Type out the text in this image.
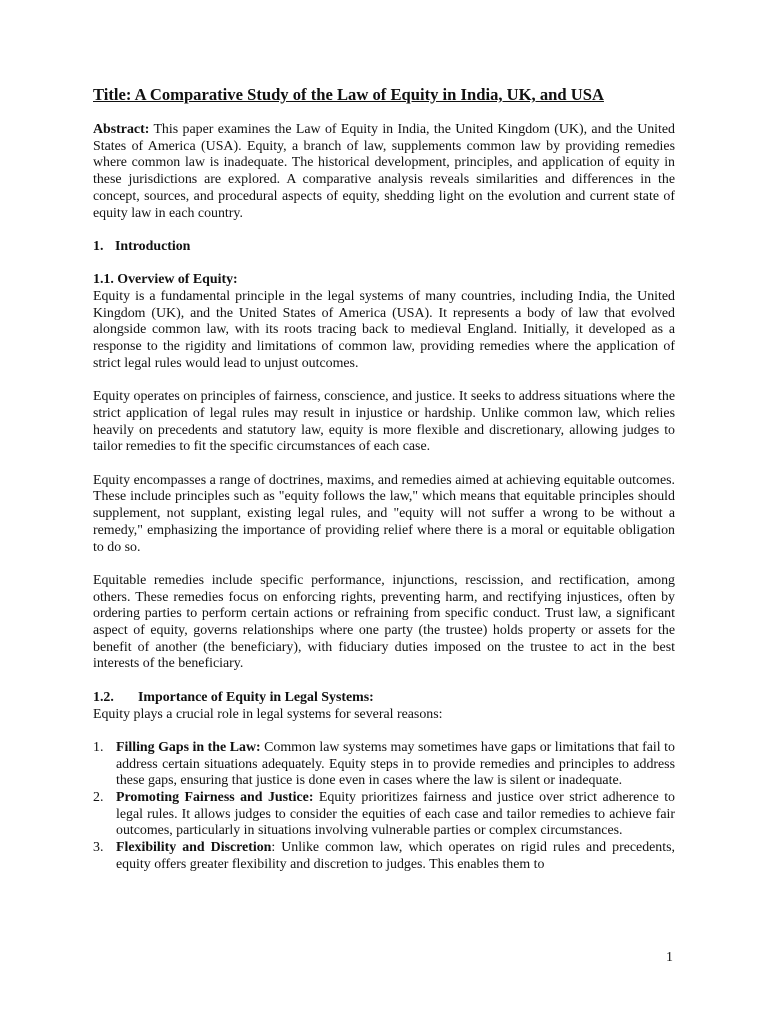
Title: A Comparative Study of the Law of Equity in India, UK, and USA

Abstract: This paper examines the Law of Equity in India, the United Kingdom (UK), and the United States of America (USA). Equity, a branch of law, supplements common law by providing remedies where common law is inadequate. The historical development, principles, and application of equity in these jurisdictions are explored. A comparative analysis reveals similarities and differences in the concept, sources, and procedural aspects of equity, shedding light on the evolution and current state of equity law in each country.

1. Introduction
1.1. Overview of Equity:

Equity is a fundamental principle in the legal systems of many countries, including India, the United Kingdom (UK), and the United States of America (USA). It represents a body of law that evolved alongside common law, with its roots tracing back to medieval England. Initially, it developed as a response to the rigidity and limitations of common law, providing remedies where the application of strict legal rules would lead to unjust outcomes.

Equity operates on principles of fairness, conscience, and justice. It seeks to address situations where the strict application of legal rules may result in injustice or hardship. Unlike common law, which relies heavily on precedents and statutory law, equity is more flexible and discretionary, allowing judges to tailor remedies to fit the specific circumstances of each case.

Equity encompasses a range of doctrines, maxims, and remedies aimed at achieving equitable outcomes. These include principles such as "equity follows the law," which means that equitable principles should supplement, not supplant, existing legal rules, and "equity will not suffer a wrong to be without a remedy," emphasizing the importance of providing relief where there is a moral or equitable obligation to do so.

Equitable remedies include specific performance, injunctions, rescission, and rectification, among others. These remedies focus on enforcing rights, preventing harm, and rectifying injustices, often by ordering parties to perform certain actions or refraining from specific conduct. Trust law, a significant aspect of equity, governs relationships where one party (the trustee) holds property or assets for the benefit of another (the beneficiary), with fiduciary duties imposed on the trustee to act in the best interests of the beneficiary.

1.2. Importance of Equity in Legal Systems:

Equity plays a crucial role in legal systems for several reasons:

1. Filling Gaps in the Law: Common law systems may sometimes have gaps or limitations that fail to address certain situations adequately. Equity steps in to provide remedies and principles to address these gaps, ensuring that justice is done even in cases where the law is silent or inadequate.
2. Promoting Fairness and Justice: Equity prioritizes fairness and justice over strict adherence to legal rules. It allows judges to consider the equities of each case and tailor remedies to achieve fair outcomes, particularly in situations involving vulnerable parties or complex circumstances.
3. Flexibility and Discretion: Unlike common law, which operates on rigid rules and precedents, equity offers greater flexibility and discretion to judges. This enables them to
1
